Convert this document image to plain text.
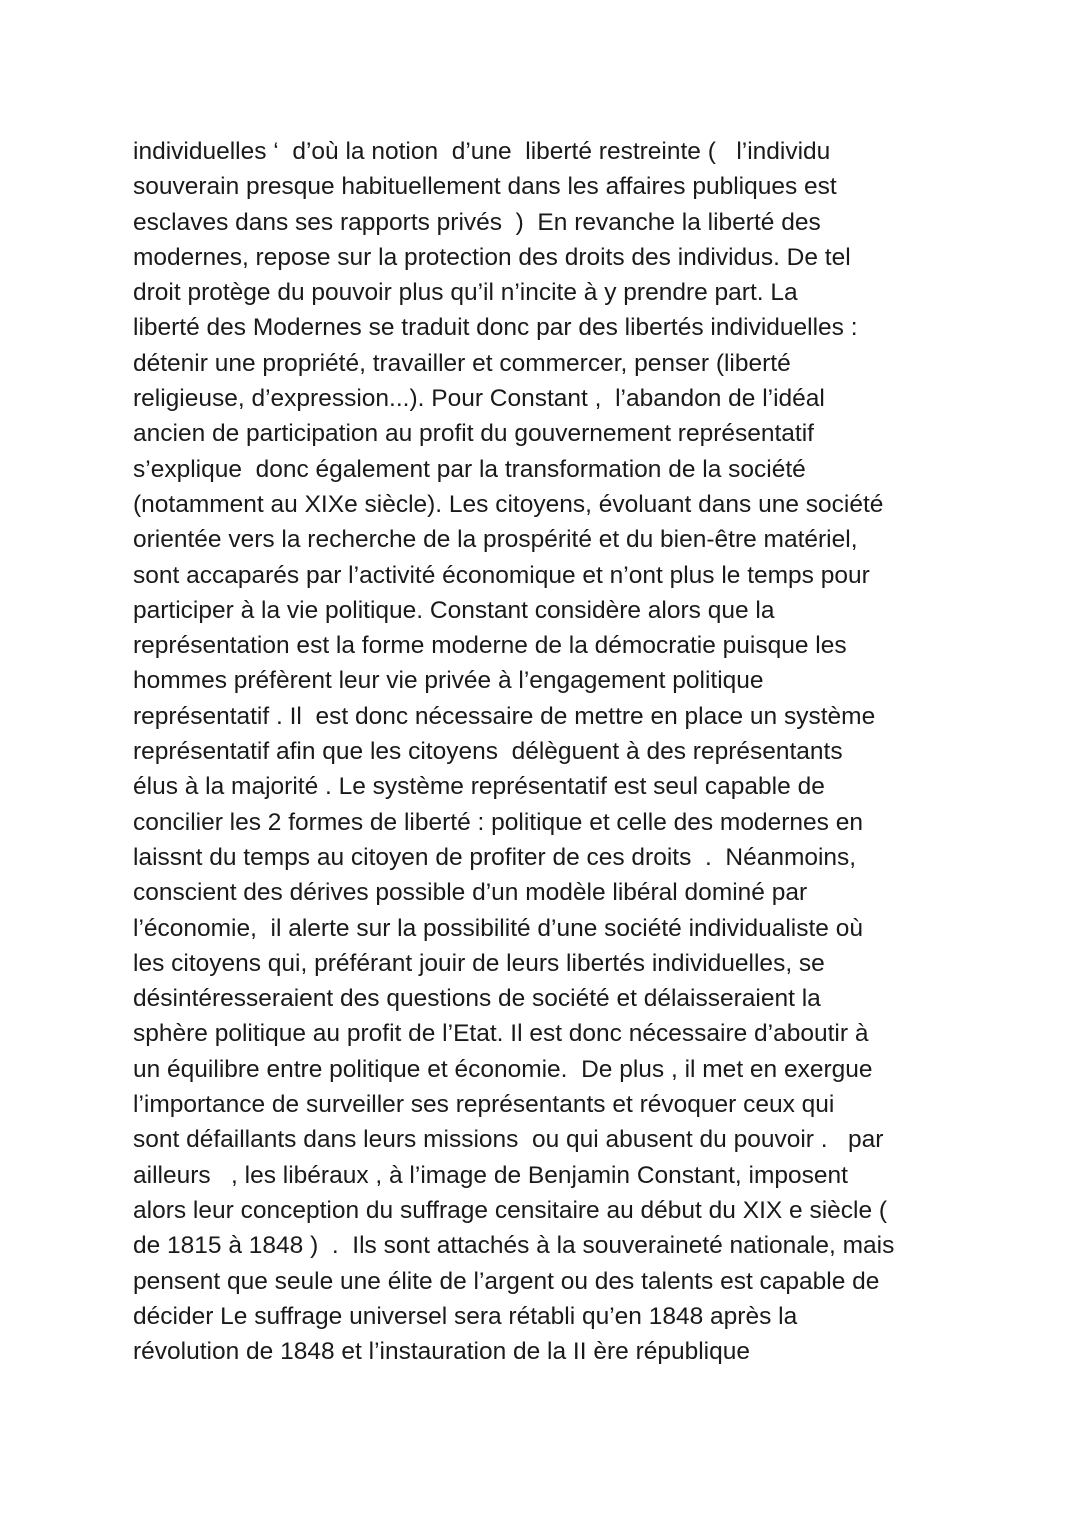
individuelles ‘  d’où la notion  d’une  liberté restreinte (   l’individu
souverain presque habituellement dans les affaires publiques est
esclaves dans ses rapports privés  )  En revanche la liberté des
modernes, repose sur la protection des droits des individus. De tel
droit protège du pouvoir plus qu’il n’incite à y prendre part. La
liberté des Modernes se traduit donc par des libertés individuelles :
détenir une propriété, travailler et commercer, penser (liberté
religieuse, d’expression...). Pour Constant ,  l’abandon de l’idéal
ancien de participation au profit du gouvernement représentatif
s’explique  donc également par la transformation de la société
(notamment au XIXe siècle). Les citoyens, évoluant dans une société
orientée vers la recherche de la prospérité et du bien-être matériel,
sont accaparés par l’activité économique et n’ont plus le temps pour
participer à la vie politique. Constant considère alors que la
représentation est la forme moderne de la démocratie puisque les
hommes préfèrent leur vie privée à l’engagement politique
représentatif . Il  est donc nécessaire de mettre en place un système
représentatif afin que les citoyens  délèguent à des représentants
élus à la majorité . Le système représentatif est seul capable de
concilier les 2 formes de liberté : politique et celle des modernes en
laissnt du temps au citoyen de profiter de ces droits  .  Néanmoins,
conscient des dérives possible d’un modèle libéral dominé par
l’économie,  il alerte sur la possibilité d’une société individualiste où
les citoyens qui, préférant jouir de leurs libertés individuelles, se
désintéresseraient des questions de société et délaisseraient la
sphère politique au profit de l’Etat. Il est donc nécessaire d’aboutir à
un équilibre entre politique et économie.  De plus , il met en exergue
l’importance de surveiller ses représentants et révoquer ceux qui
sont défaillants dans leurs missions  ou qui abusent du pouvoir .   par
ailleurs   , les libéraux , à l’image de Benjamin Constant, imposent
alors leur conception du suffrage censitaire au début du XIX e siècle (
de 1815 à 1848 )  .  Ils sont attachés à la souveraineté nationale, mais
pensent que seule une élite de l’argent ou des talents est capable de
décider Le suffrage universel sera rétabli qu’en 1848 après la
révolution de 1848 et l’instauration de la II ère république
